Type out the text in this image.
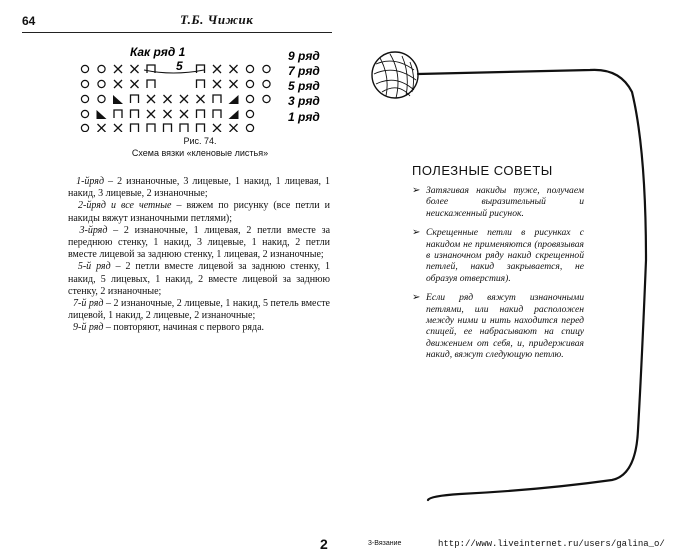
64	Т.Б. Чижик
Как ряд 1
5
9 ряд
7 ряд
5 ряд
3 ряд
1 ряд
Рис. 74.
Схема вязки «кленовые листья»

1-йряд – 2 изнаночные, 3 лицевые, 1 накид, 1 лицевая, 1 накид, 3 лицевые, 2 изнаночные;

2-йряд и все четные – вяжем по рисунку (все петли и накиды вяжут изнаночными петлями);

3-йряд – 2 изнаночные, 1 лицевая, 2 петли вместе за переднюю стенку, 1 накид, 3 лицевые, 1 накид, 2 петли вместе лицевой за заднюю стенку, 1 лицевая, 2 изнаночные;

5-й ряд – 2 петли вместе лицевой за заднюю стенку, 1 накид, 5 лицевых, 1 накид, 2 вместе лицевой за заднюю стенку, 2 изнаночные;

7-й ряд – 2 изнаночные, 2 лицевые, 1 накид, 5 петель вместе лицевой, 1 накид, 2 лицевые, 2 изнаночные;

9-й ряд – повторяют, начиная с первого ряда.

2
ПОЛЕЗНЫЕ СОВЕТЫ
➢ Затягивая накиды туже, получаем более выразительный и неискаженный рисунок.
➢ Скрещенные петли в рисунках с накидом не применяются (провязывая в изнаночном ряду накид скрещенной петлей, накид закрывается, не образуя отверстия).
➢ Если ряд вяжут изнаночными петлями, или накид расположен между ними и нить находится перед спицей, ее набрасывают на спицу движением от себя, и, придерживая накид, вяжут следующую петлю.
3-Вязание	http://www.liveinternet.ru/users/galina_o/
